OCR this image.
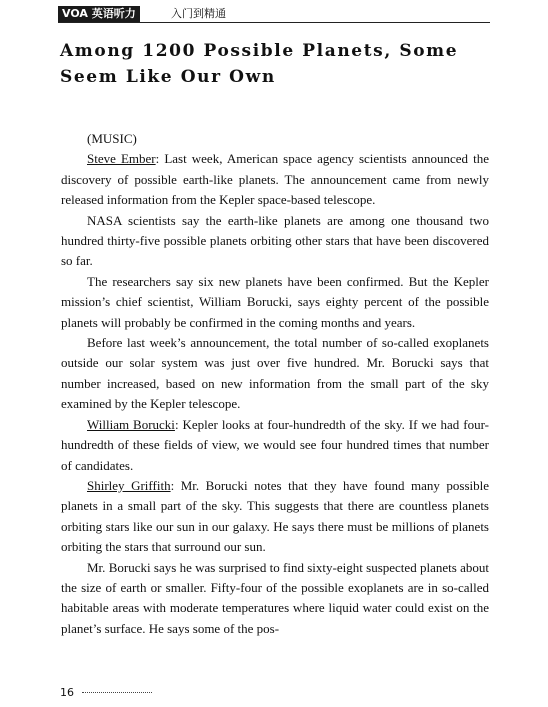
VOA 英语听力	入门到精通
Among 1200 Possible Planets, Some Seem Like Our Own

(MUSIC)

Steve Ember: Last week, American space agency scientists announced the discovery of possible earth-like planets. The announcement came from newly released information from the Kepler space-based telescope.

NASA scientists say the earth-like planets are among one thousand two hundred thirty-five possible planets orbiting other stars that have been discovered so far.

The researchers say six new planets have been confirmed. But the Kepler mission’s chief scientist, William Borucki, says eighty percent of the possible planets will probably be confirmed in the coming months and years.

Before last week’s announcement, the total number of so-called exoplanets outside our solar system was just over five hundred. Mr. Borucki says that number increased, based on new information from the small part of the sky examined by the Kepler telescope.

William Borucki: Kepler looks at four-hundredth of the sky. If we had four-hundredth of these fields of view, we would see four hundred times that number of candidates.

Shirley Griffith: Mr. Borucki notes that they have found many possible planets in a small part of the sky. This suggests that there are countless planets orbiting stars like our sun in our galaxy. He says there must be millions of planets orbiting the stars that surround our sun.

Mr. Borucki says he was surprised to find sixty-eight suspected planets about the size of earth or smaller. Fifty-four of the possible exoplanets are in so-called habitable areas with moderate temperatures where liquid water could exist on the planet’s surface. He says some of the pos-

16
